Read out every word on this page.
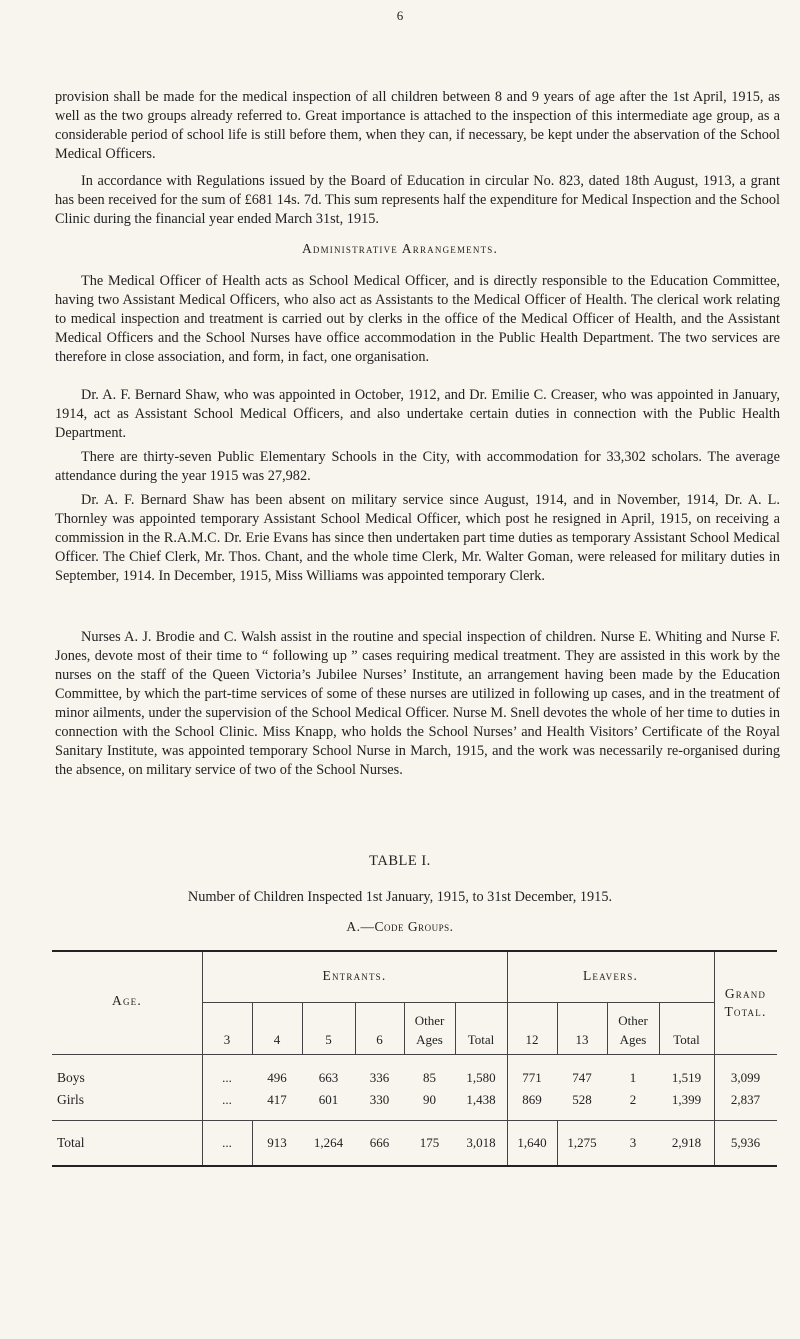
6

provision shall be made for the medical inspection of all children between 8 and 9 years of age after the 1st April, 1915, as well as the two groups already referred to. Great importance is attached to the inspection of this intermediate age group, as a considerable period of school life is still before them, when they can, if necessary, be kept under the abservation of the School Medical Officers.

In accordance with Regulations issued by the Board of Education in circular No. 823, dated 18th August, 1913, a grant has been received for the sum of £681 14s. 7d. This sum represents half the expenditure for Medical Inspection and the School Clinic during the financial year ended March 31st, 1915.

Administrative Arrangements.

The Medical Officer of Health acts as School Medical Officer, and is directly responsible to the Education Committee, having two Assistant Medical Officers, who also act as Assistants to the Medical Officer of Health. The clerical work relating to medical inspection and treatment is carried out by clerks in the office of the Medical Officer of Health, and the Assistant Medical Officers and the School Nurses have office accommodation in the Public Health Department. The two services are therefore in close association, and form, in fact, one organisation.

Dr. A. F. Bernard Shaw, who was appointed in October, 1912, and Dr. Emilie C. Creaser, who was appointed in January, 1914, act as Assistant School Medical Officers, and also undertake certain duties in connection with the Public Health Department.

There are thirty-seven Public Elementary Schools in the City, with accommodation for 33,302 scholars. The average attendance during the year 1915 was 27,982.

Dr. A. F. Bernard Shaw has been absent on military service since August, 1914, and in November, 1914, Dr. A. L. Thornley was appointed temporary Assistant School Medical Officer, which post he resigned in April, 1915, on receiving a commission in the R.A.M.C. Dr. Erie Evans has since then undertaken part time duties as temporary Assistant School Medical Officer. The Chief Clerk, Mr. Thos. Chant, and the whole time Clerk, Mr. Walter Goman, were released for military duties in September, 1914. In December, 1915, Miss Williams was appointed temporary Clerk.

Nurses A. J. Brodie and C. Walsh assist in the routine and special inspection of children. Nurse E. Whiting and Nurse F. Jones, devote most of their time to “ following up ” cases requiring medical treatment. They are assisted in this work by the nurses on the staff of the Queen Victoria’s Jubilee Nurses’ Institute, an arrangement having been made by the Education Committee, by which the part-time services of some of these nurses are utilized in following up cases, and in the treatment of minor ailments, under the supervision of the School Medical Officer. Nurse M. Snell devotes the whole of her time to duties in connection with the School Clinic. Miss Knapp, who holds the School Nurses’ and Health Visitors’ Certificate of the Royal Sanitary Institute, was appointed temporary School Nurse in March, 1915, and the work was necessarily re-organised during the absence, on military service of two of the School Nurses.

TABLE I.

Number of Children Inspected 1st January, 1915, to 31st December, 1915.

A.—Code Groups.

Age.
Entrants.	Leavers.
Grand
Total.
3	4	5	6
Other
Ages	Total	12	13
Other
Ages	Total
Boys	...	496	663	336	85	1,580	771	747	1	1,519	3,099
Girls	...	417	601	330	90	1,438	869	528	2	1,399	2,837
Total	...	913	1,264	666	175	3,018	1,640	1,275	3	2,918	5,936
